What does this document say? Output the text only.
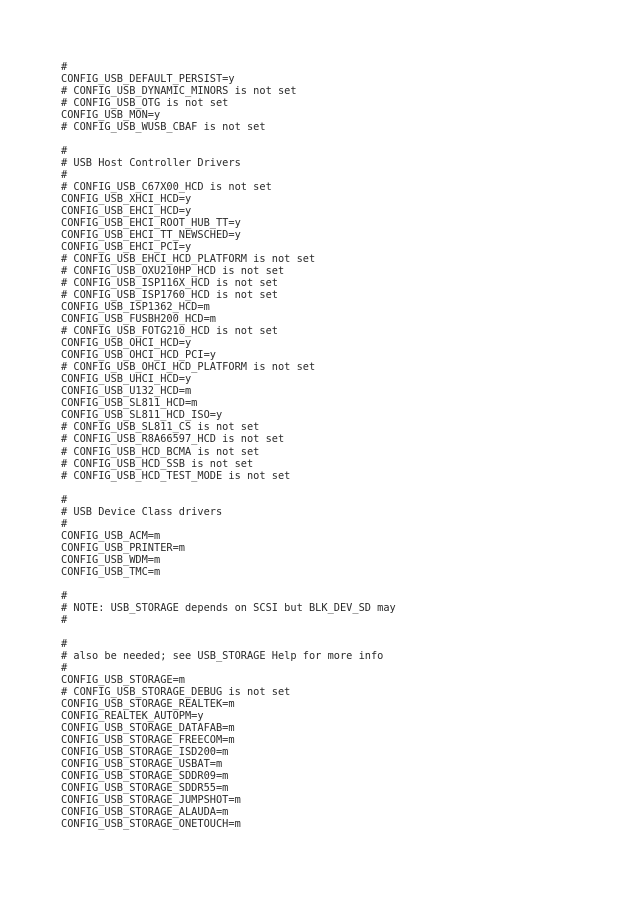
#
CONFIG_USB_DEFAULT_PERSIST=y
# CONFIG_USB_DYNAMIC_MINORS is not set
# CONFIG_USB_OTG is not set
CONFIG_USB_MON=y
# CONFIG_USB_WUSB_CBAF is not set

#
# USB Host Controller Drivers
#
# CONFIG_USB_C67X00_HCD is not set
CONFIG_USB_XHCI_HCD=y
CONFIG_USB_EHCI_HCD=y
CONFIG_USB_EHCI_ROOT_HUB_TT=y
CONFIG_USB_EHCI_TT_NEWSCHED=y
CONFIG_USB_EHCI_PCI=y
# CONFIG_USB_EHCI_HCD_PLATFORM is not set
# CONFIG_USB_OXU210HP_HCD is not set
# CONFIG_USB_ISP116X_HCD is not set
# CONFIG_USB_ISP1760_HCD is not set
CONFIG_USB_ISP1362_HCD=m
CONFIG_USB_FUSBH200_HCD=m
# CONFIG_USB_FOTG210_HCD is not set
CONFIG_USB_OHCI_HCD=y
CONFIG_USB_OHCI_HCD_PCI=y
# CONFIG_USB_OHCI_HCD_PLATFORM is not set
CONFIG_USB_UHCI_HCD=y
CONFIG_USB_U132_HCD=m
CONFIG_USB_SL811_HCD=m
CONFIG_USB_SL811_HCD_ISO=y
# CONFIG_USB_SL811_CS is not set
# CONFIG_USB_R8A66597_HCD is not set
# CONFIG_USB_HCD_BCMA is not set
# CONFIG_USB_HCD_SSB is not set
# CONFIG_USB_HCD_TEST_MODE is not set

#
# USB Device Class drivers
#
CONFIG_USB_ACM=m
CONFIG_USB_PRINTER=m
CONFIG_USB_WDM=m
CONFIG_USB_TMC=m

#
# NOTE: USB_STORAGE depends on SCSI but BLK_DEV_SD may
#

#
# also be needed; see USB_STORAGE Help for more info
#
CONFIG_USB_STORAGE=m
# CONFIG_USB_STORAGE_DEBUG is not set
CONFIG_USB_STORAGE_REALTEK=m
CONFIG_REALTEK_AUTOPM=y
CONFIG_USB_STORAGE_DATAFAB=m
CONFIG_USB_STORAGE_FREECOM=m
CONFIG_USB_STORAGE_ISD200=m
CONFIG_USB_STORAGE_USBAT=m
CONFIG_USB_STORAGE_SDDR09=m
CONFIG_USB_STORAGE_SDDR55=m
CONFIG_USB_STORAGE_JUMPSHOT=m
CONFIG_USB_STORAGE_ALAUDA=m
CONFIG_USB_STORAGE_ONETOUCH=m
